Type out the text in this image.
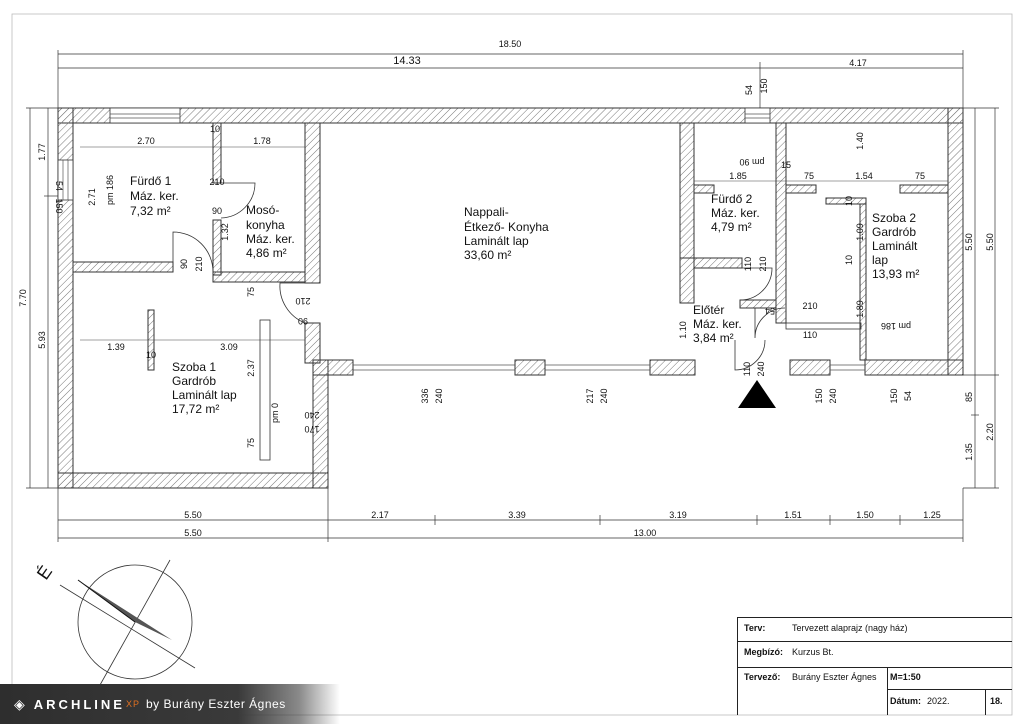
18.50
14.33	4.17
54 150
5.50	2.17	3.39	3.19	1.51	1.50	1.25
5.50	13.00
7.70
1.77
5.93
54
150
5.50 5.50
2.20
85
1.35
2.70
10
1.78
2.71 pm 186	210
90
1.32
90 210
75
210
90
1.39
10
3.09
2.37
pm 0	240
170
75
336 240	217 240
1.40
pm 90 15
1.85	75	1.54	75
10
1.09
10
110 210
54	210
1.10	110
1.89
pm 186
110 240
150 240	150 54
Fürdő 1
Máz. ker.
7,32 m²	Mosó-
konyha
Máz. ker.
4,86 m²
Nappali-
Étkező- Konyha
Laminált lap
33,60 m²
Fürdő 2
Máz. ker.
4,79 m²
Szoba 2
Gardrób
Laminált
lap
13,93 m²
Előtér
Máz. ker.
3,84 m²
Szoba 1
Gardrób
Laminált lap
17,72 m²
É
Terv:	Tervezett alaprajz (nagy ház)
Megbízó: Kurzus Bt.
Tervező: Burány Eszter Ágnes M=1:50
Dátum: 2022.	18.
◈ ARCHLINE XP by Burány Eszter Ágnes
